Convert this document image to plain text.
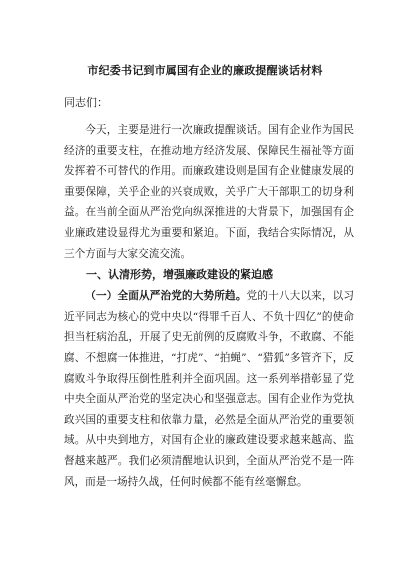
市纪委书记到市属国有企业的廉政提醒谈话材料
同志们：

今天，主要是进行一次廉政提醒谈话。国有企业作为国民经济的重要支柱，在推动地方经济发展、保障民生福祉等方面发挥着不可替代的作用。而廉政建设则是国有企业健康发展的重要保障，关乎企业的兴衰成败，关乎广大干部职工的切身利益。在当前全面从严治党向纵深推进的大背景下，加强国有企业廉政建设显得尤为重要和紧迫。下面，我结合实际情况，从三个方面与大家交流交流。

一、认清形势，增强廉政建设的紧迫感

（一）全面从严治党的大势所趋。党的十八大以来，以习近平同志为核心的党中央以“得罪千百人、不负十四亿”的使命担当枉病治乱，开展了史无前例的反腐败斗争，不敢腐、不能腐、不想腐一体推进，“打虎”、“拍蝇”、“猎狐”多管齐下，反腐败斗争取得压倒性胜利并全面巩固。这一系列举措彰显了党中央全面从严治党的坚定决心和坚强意志。国有企业作为党执政兴国的重要支柱和依靠力量，必然是全面从严治党的重要领域。从中央到地方，对国有企业的廉政建设要求越来越高、监督越来越严。我们必须清醒地认识到，全面从严治党不是一阵风，而是一场持久战，任何时候都不能有丝毫懈怠。
